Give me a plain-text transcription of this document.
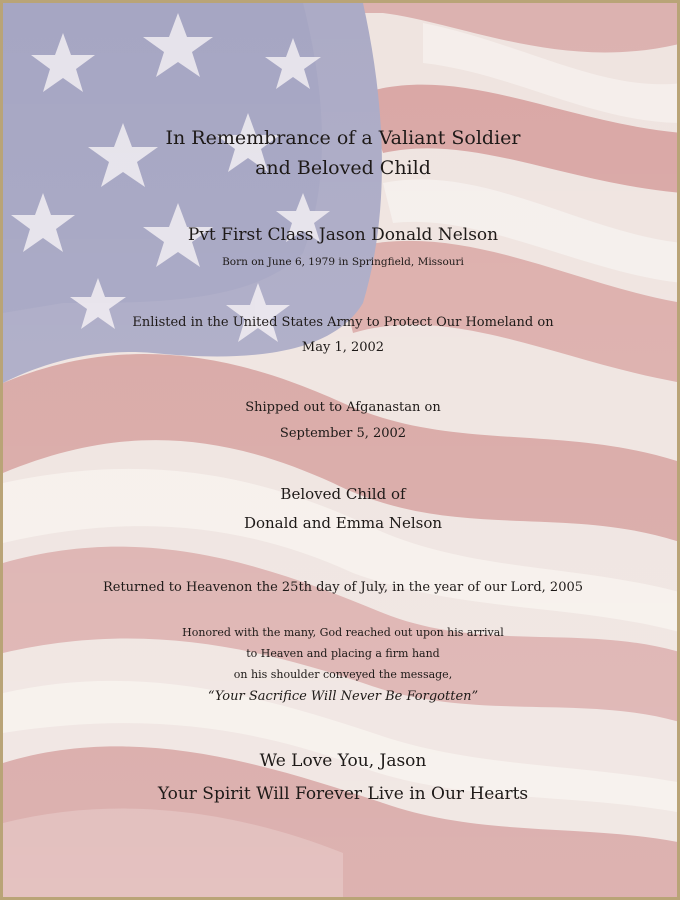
In Remembrance of a Valiant Soldier

and Beloved Child

Pvt First Class Jason Donald Nelson

Born on June 6, 1979 in Springfield, Missouri

Enlisted in the United States Army to Protect Our Homeland on

May 1, 2002

Shipped out to Afganastan on

September 5, 2002

Beloved Child of

Donald and Emma Nelson

Returned to Heavenon the 25th day of July, in the year of our Lord, 2005

Honored with the many, God reached out upon his arrival

to Heaven and placing a firm hand

on his shoulder conveyed the message,

“Your Sacrifice Will Never Be Forgotten”

We Love You, Jason

Your Spirit Will Forever Live in Our Hearts
